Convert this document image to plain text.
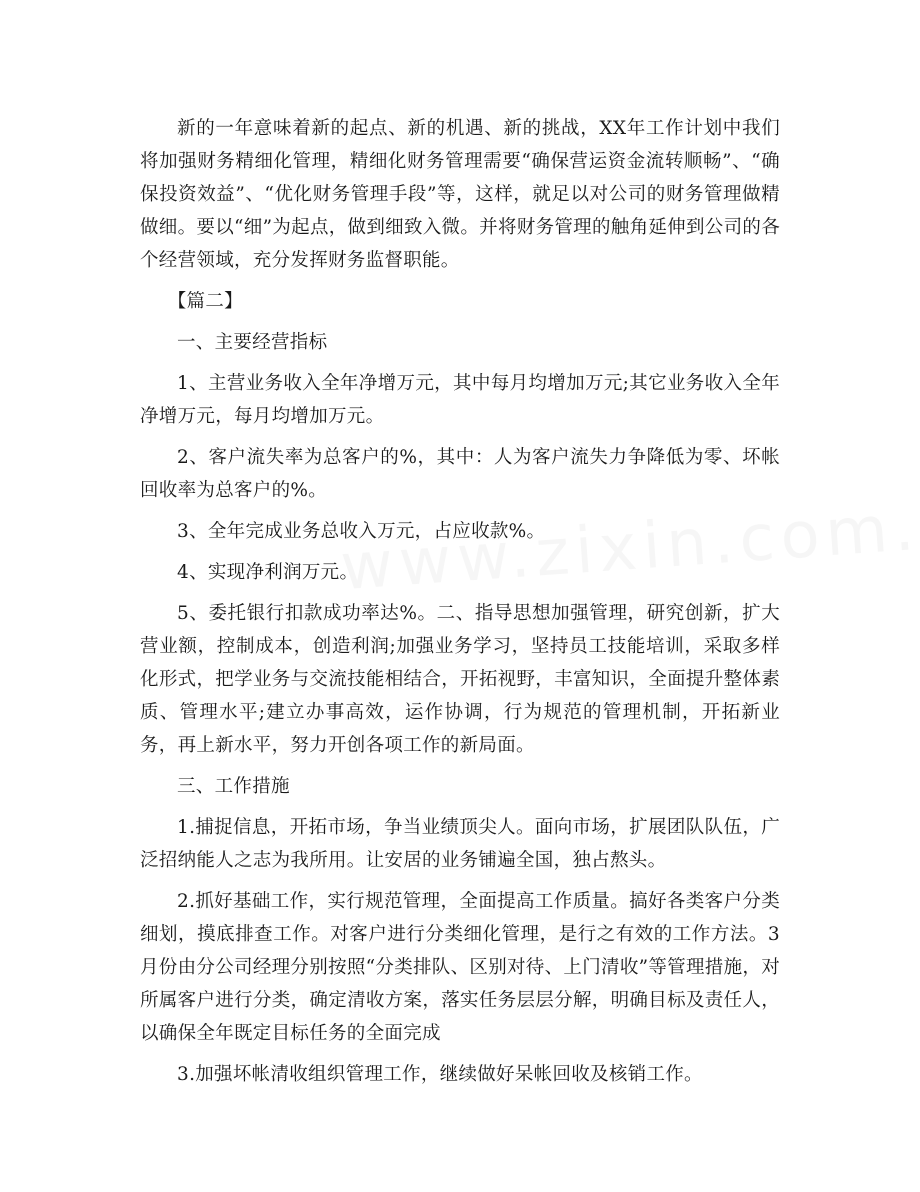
新的一年意味着新的起点、新的机遇、新的挑战，XX年工作计划中我们将加强财务精细化管理，精细化财务管理需要“确保营运资金流转顺畅”、“确保投资效益”、“优化财务管理手段”等，这样，就足以对公司的财务管理做精做细。要以“细”为起点，做到细致入微。并将财务管理的触角延伸到公司的各个经营领域，充分发挥财务监督职能。

【篇二】

一、主要经营指标

1、主营业务收入全年净增万元，其中每月均增加万元;其它业务收入全年净增万元，每月均增加万元。

2、客户流失率为总客户的%，其中：人为客户流失力争降低为零、坏帐回收率为总客户的%。

3、全年完成业务总收入万元，占应收款%。

4、实现净利润万元。

5、委托银行扣款成功率达%。二、指导思想加强管理，研究创新，扩大营业额，控制成本，创造利润;加强业务学习，坚持员工技能培训，采取多样化形式，把学业务与交流技能相结合，开拓视野，丰富知识，全面提升整体素质、管理水平;建立办事高效，运作协调，行为规范的管理机制，开拓新业务，再上新水平，努力开创各项工作的新局面。

三、工作措施

1.捕捉信息，开拓市场，争当业绩顶尖人。面向市场，扩展团队队伍，广泛招纳能人之志为我所用。让安居的业务铺遍全国，独占熬头。

2.抓好基础工作，实行规范管理，全面提高工作质量。搞好各类客户分类细划，摸底排查工作。对客户进行分类细化管理，是行之有效的工作方法。3月份由分公司经理分别按照“分类排队、区别对待、上门清收”等管理措施，对所属客户进行分类，确定清收方案，落实任务层层分解，明确目标及责任人，以确保全年既定目标任务的全面完成

3.加强坏帐清收组织管理工作，继续做好呆帐回收及核销工作。
